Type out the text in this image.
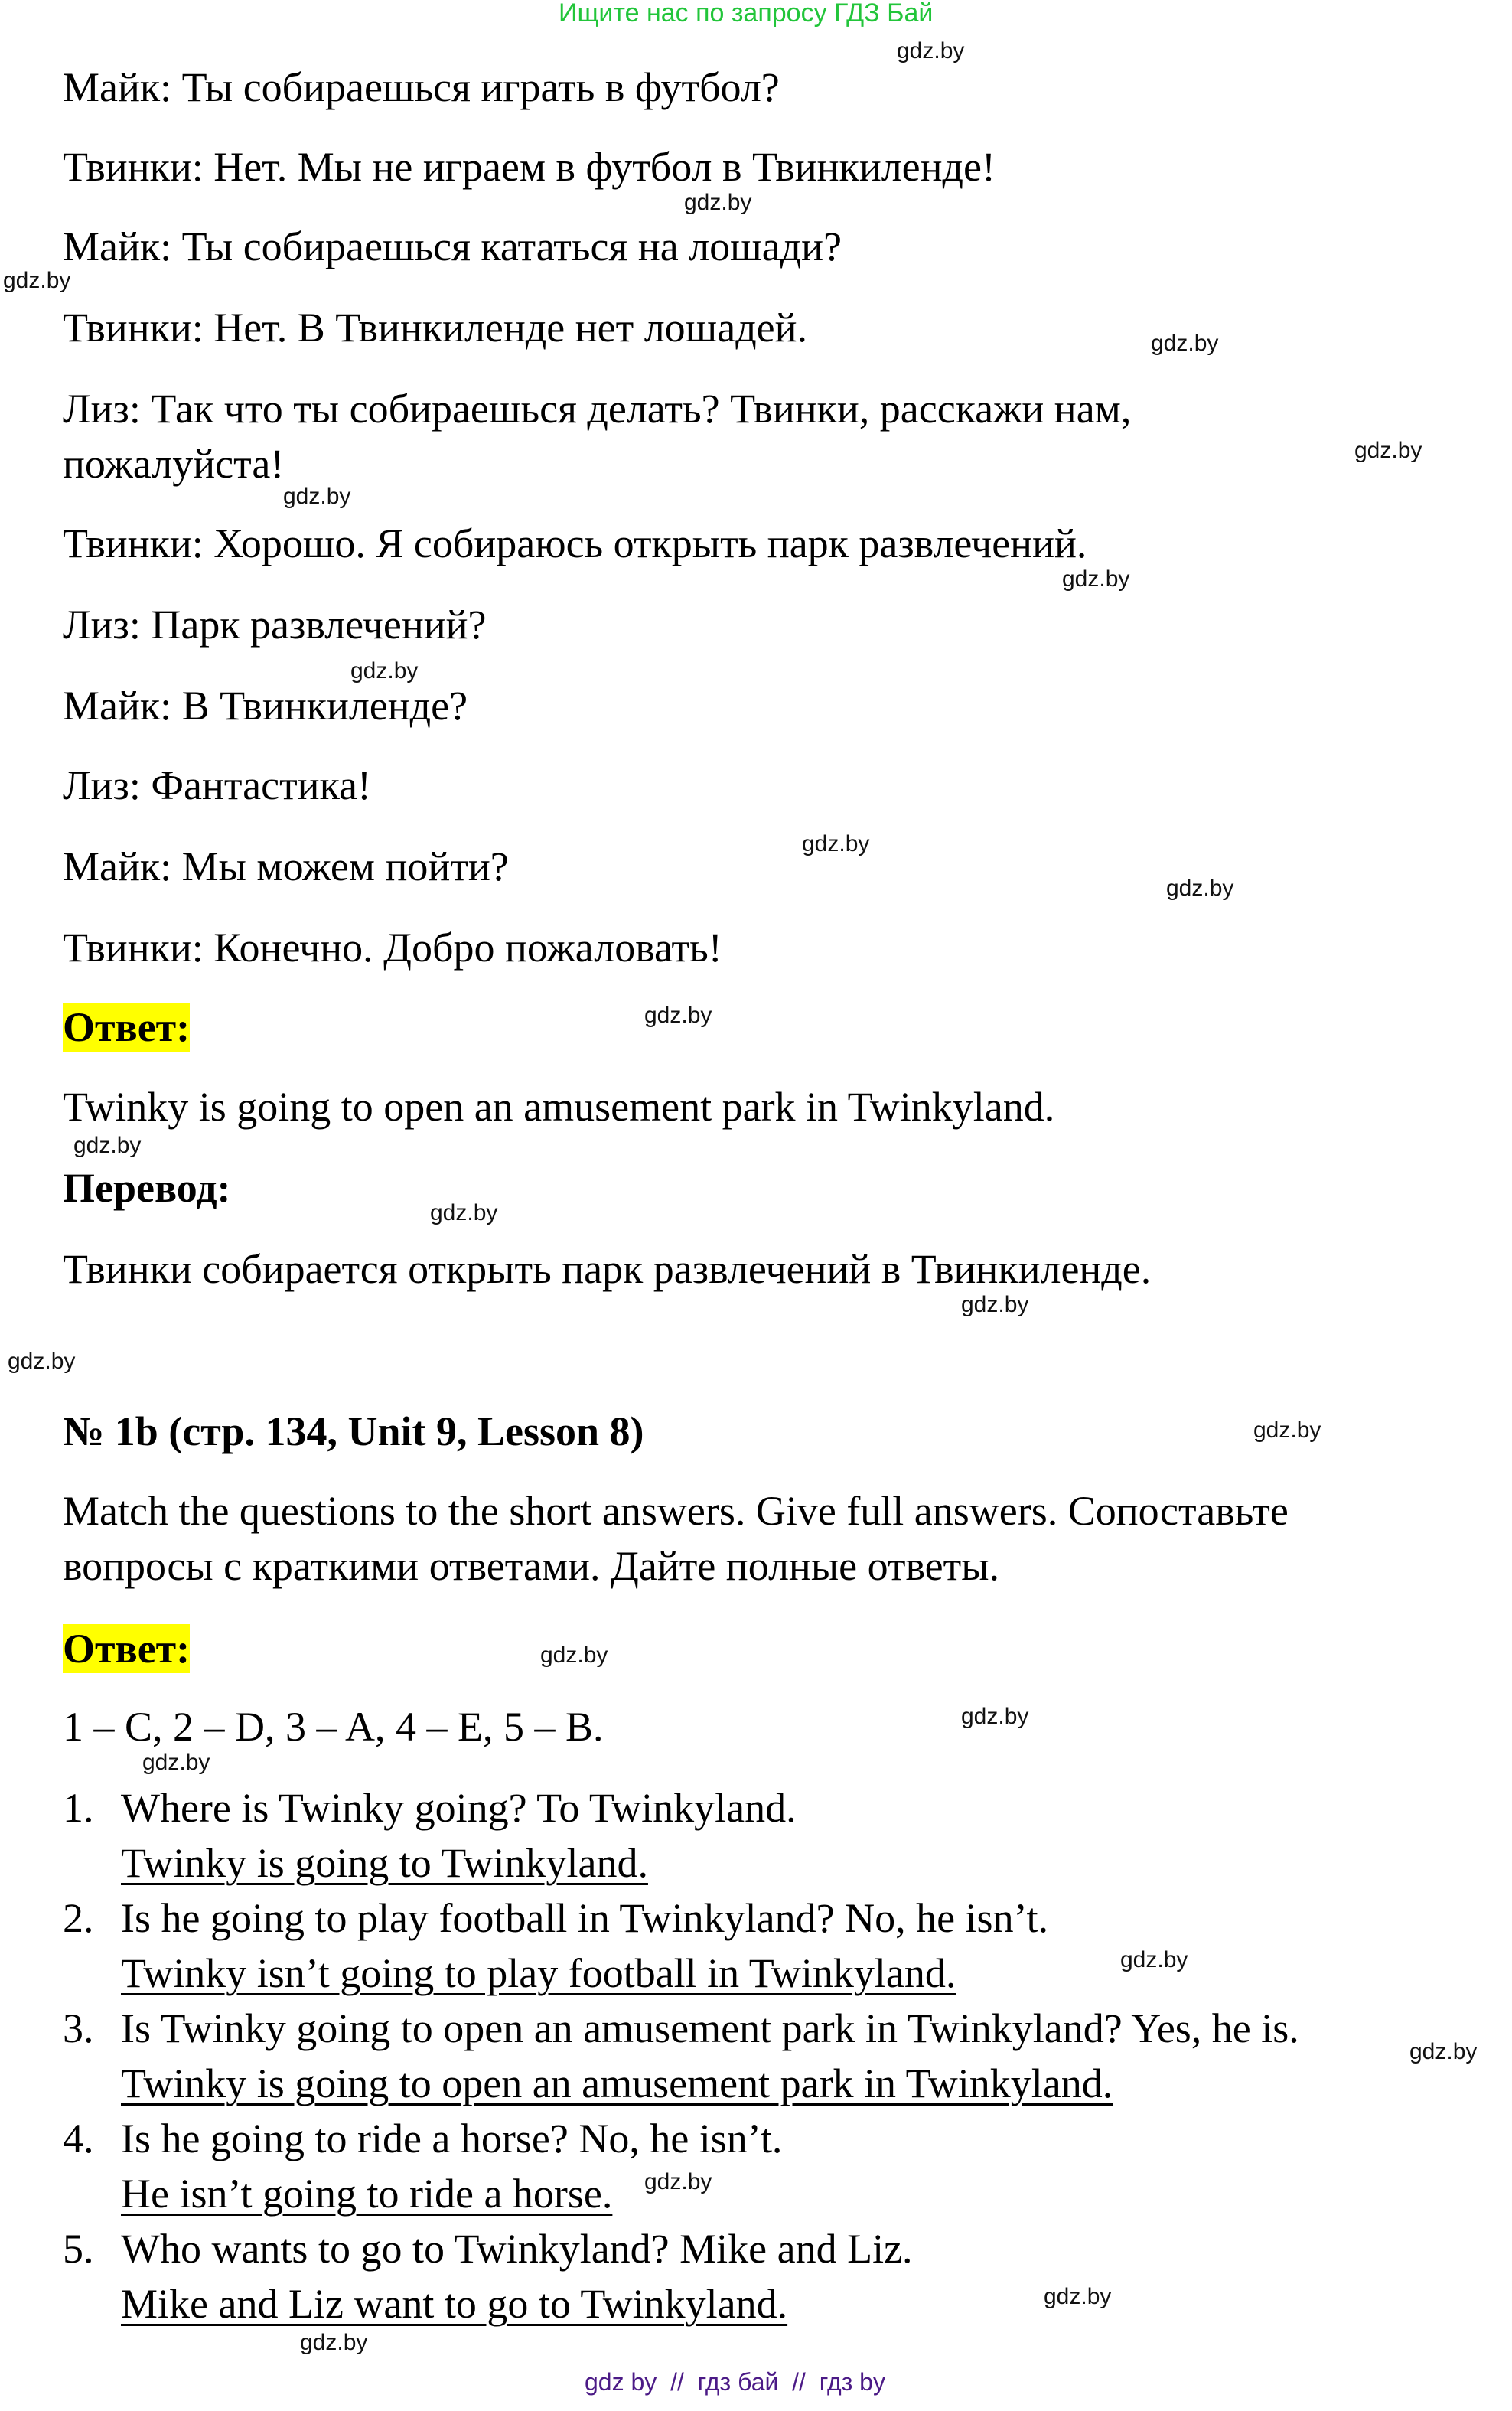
Ищите нас по запросу ГДЗ Бай
Майк: Ты собираешься играть в футбол?
Твинки: Нет. Мы не играем в футбол в Твинкиленде!
Майк: Ты собираешься кататься на лошади?
Твинки: Нет. В Твинкиленде нет лошадей.
Лиз: Так что ты собираешься делать? Твинки, расскажи нам,
пожалуйста!
Твинки: Хорошо. Я собираюсь открыть парк развлечений.
Лиз: Парк развлечений?
Майк: В Твинкиленде?
Лиз: Фантастика!
Майк: Мы можем пойти?
Твинки: Конечно. Добро пожаловать!
Ответ:
Twinky is going to open an amusement park in Twinkyland.
Перевод:
Твинки собирается открыть парк развлечений в Твинкиленде.
№ 1b (стр. 134, Unit 9, Lesson 8)
Match the questions to the short answers. Give full answers. Сопоставьте
вопросы с краткими ответами. Дайте полные ответы.
Ответ:
1 – C, 2 – D, 3 – A, 4 – E, 5 – B.
1. Where is Twinky going? To Twinkyland.
Twinky is going to Twinkyland.
2. Is he going to play football in Twinkyland? No, he isn’t.
Twinky isn’t going to play football in Twinkyland.
3. Is Twinky going to open an amusement park in Twinkyland? Yes, he is.
Twinky is going to open an amusement park in Twinkyland.
4. Is he going to ride a horse? No, he isn’t.
He isn’t going to ride a horse.
5. Who wants to go to Twinkyland? Mike and Liz.
Mike and Liz want to go to Twinkyland.
gdz.by
gdz.by
gdz.by
gdz.by
gdz.by
gdz.by
gdz.by
gdz.by
gdz.by
gdz.by
gdz.by
gdz.by
gdz.by
gdz.by
gdz.by
gdz.by
gdz.by
gdz.by
gdz.by
gdz.by
gdz.by
gdz.by
gdz.by
gdz.by
gdz by  //  гдз бай  //  гдз by
